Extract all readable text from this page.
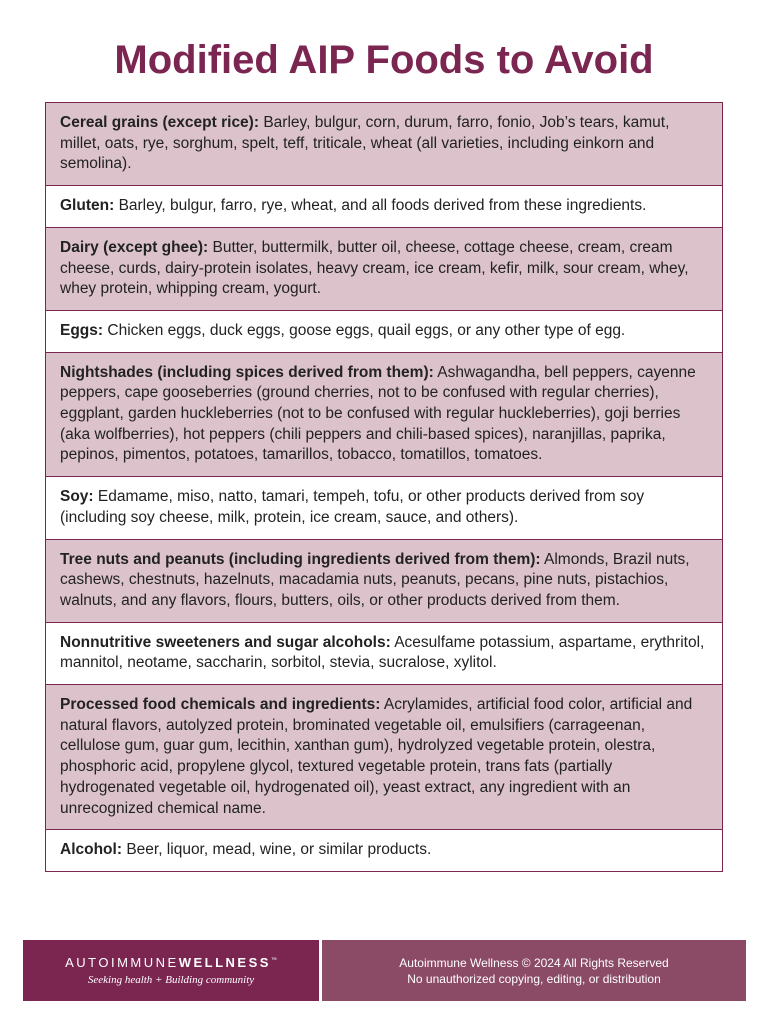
Modified AIP Foods to Avoid
Cereal grains (except rice): Barley, bulgur, corn, durum, farro, fonio, Job’s tears, kamut, millet, oats, rye, sorghum, spelt, teff, triticale, wheat (all varieties, including einkorn and semolina).
Gluten: Barley, bulgur, farro, rye, wheat, and all foods derived from these ingredients.
Dairy (except ghee): Butter, buttermilk, butter oil, cheese, cottage cheese, cream, cream cheese, curds, dairy-protein isolates, heavy cream, ice cream, kefir, milk, sour cream, whey, whey protein, whipping cream, yogurt.
Eggs: Chicken eggs, duck eggs, goose eggs, quail eggs, or any other type of egg.
Nightshades (including spices derived from them): Ashwagandha, bell peppers, cayenne peppers, cape gooseberries (ground cherries, not to be confused with regular cherries), eggplant, garden huckleberries (not to be confused with regular huckleberries), goji berries (aka wolfberries), hot peppers (chili peppers and chili-based spices), naranjillas, paprika, pepinos, pimentos, potatoes, tamarillos, tobacco, tomatillos, tomatoes.
Soy: Edamame, miso, natto, tamari, tempeh, tofu, or other products derived from soy (including soy cheese, milk, protein, ice cream, sauce, and others).
Tree nuts and peanuts (including ingredients derived from them): Almonds, Brazil nuts, cashews, chestnuts, hazelnuts, macadamia nuts, peanuts, pecans, pine nuts, pistachios, walnuts, and any flavors, flours, butters, oils, or other products derived from them.
Nonnutritive sweeteners and sugar alcohols: Acesulfame potassium, aspartame, erythritol, mannitol, neotame, saccharin, sorbitol, stevia, sucralose, xylitol.
Processed food chemicals and ingredients: Acrylamides, artificial food color, artificial and natural flavors, autolyzed protein, brominated vegetable oil, emulsifiers (carrageenan, cellulose gum, guar gum, lecithin, xanthan gum), hydrolyzed vegetable protein, olestra, phosphoric acid, propylene glycol, textured vegetable protein, trans fats (partially hydrogenated vegetable oil, hydrogenated oil), yeast extract, any ingredient with an unrecognized chemical name.
Alcohol: Beer, liquor, mead, wine, or similar products.
AUTOIMMUNEWELLNESS™
Seeking health + Building community
Autoimmune Wellness © 2024 All Rights Reserved
No unauthorized copying, editing, or distribution
